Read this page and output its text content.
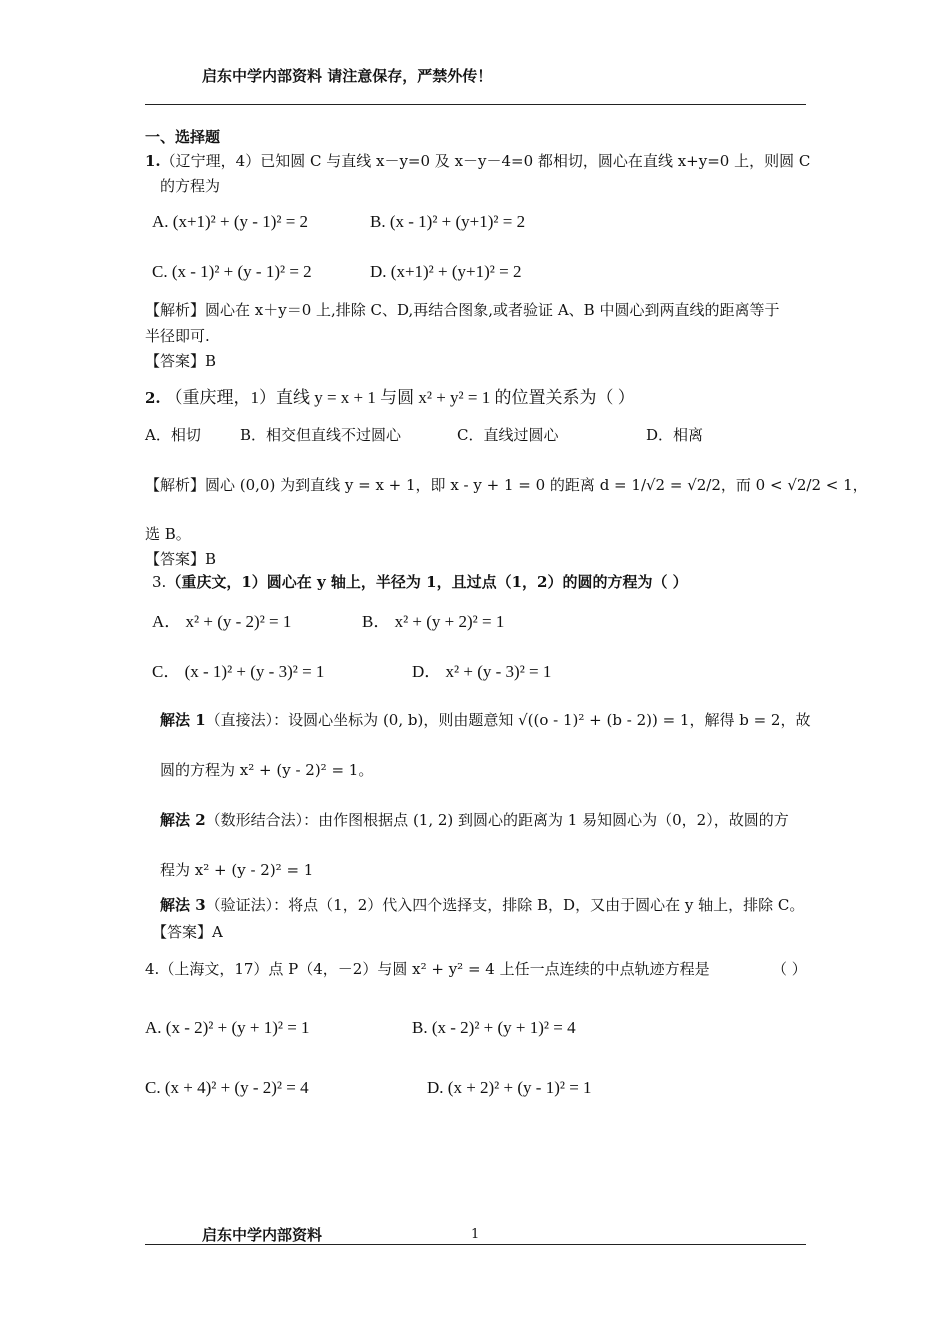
启东中学内部资料 请注意保存，严禁外传！
一、选择题
1.（辽宁理，4）已知圆 C 与直线 x－y=0 及 x－y－4=0 都相切，圆心在直线 x+y=0 上，则圆 C
的方程为
A. (x+1)² + (y - 1)² = 2	B. (x - 1)² + (y+1)² = 2
C. (x - 1)² + (y - 1)² = 2	D. (x+1)² + (y+1)² = 2
【解析】圆心在 x＋y＝0 上,排除 C、D,再结合图象,或者验证 A、B 中圆心到两直线的距离等于
半径即可.
【答案】B
2. （重庆理，1）直线 y = x + 1 与圆 x² + y² = 1 的位置关系为（ ）
A．相切	B．相交但直线不过圆心	C．直线过圆心	D．相离
【解析】圆心 (0,0) 为到直线 y = x + 1，即 x - y + 1 = 0 的距离 d = 1/√2 = √2/2，而 0 < √2/2 < 1，
选 B。
【答案】B
3.（重庆文，1）圆心在 y 轴上，半径为 1，且过点（1，2）的圆的方程为（ ）
A． x² + (y - 2)² = 1	B． x² + (y + 2)² = 1
C． (x - 1)² + (y - 3)² = 1	D． x² + (y - 3)² = 1
解法 1（直接法）：设圆心坐标为 (0, b)，则由题意知 √((o - 1)² + (b - 2)) = 1，解得 b = 2，故
圆的方程为 x² + (y - 2)² = 1。
解法 2（数形结合法）：由作图根据点 (1, 2) 到圆心的距离为 1 易知圆心为（0，2），故圆的方
程为 x² + (y - 2)² = 1
解法 3（验证法）：将点（1，2）代入四个选择支，排除 B，D，又由于圆心在 y 轴上，排除 C。
【答案】A
4.（上海文，17）点 P（4，－2）与圆 x² + y² = 4 上任一点连续的中点轨迹方程是	（ ）
A. (x - 2)² + (y + 1)² = 1	B. (x - 2)² + (y + 1)² = 4
C. (x + 4)² + (y - 2)² = 4	D. (x + 2)² + (y - 1)² = 1
启东中学内部资料	1
